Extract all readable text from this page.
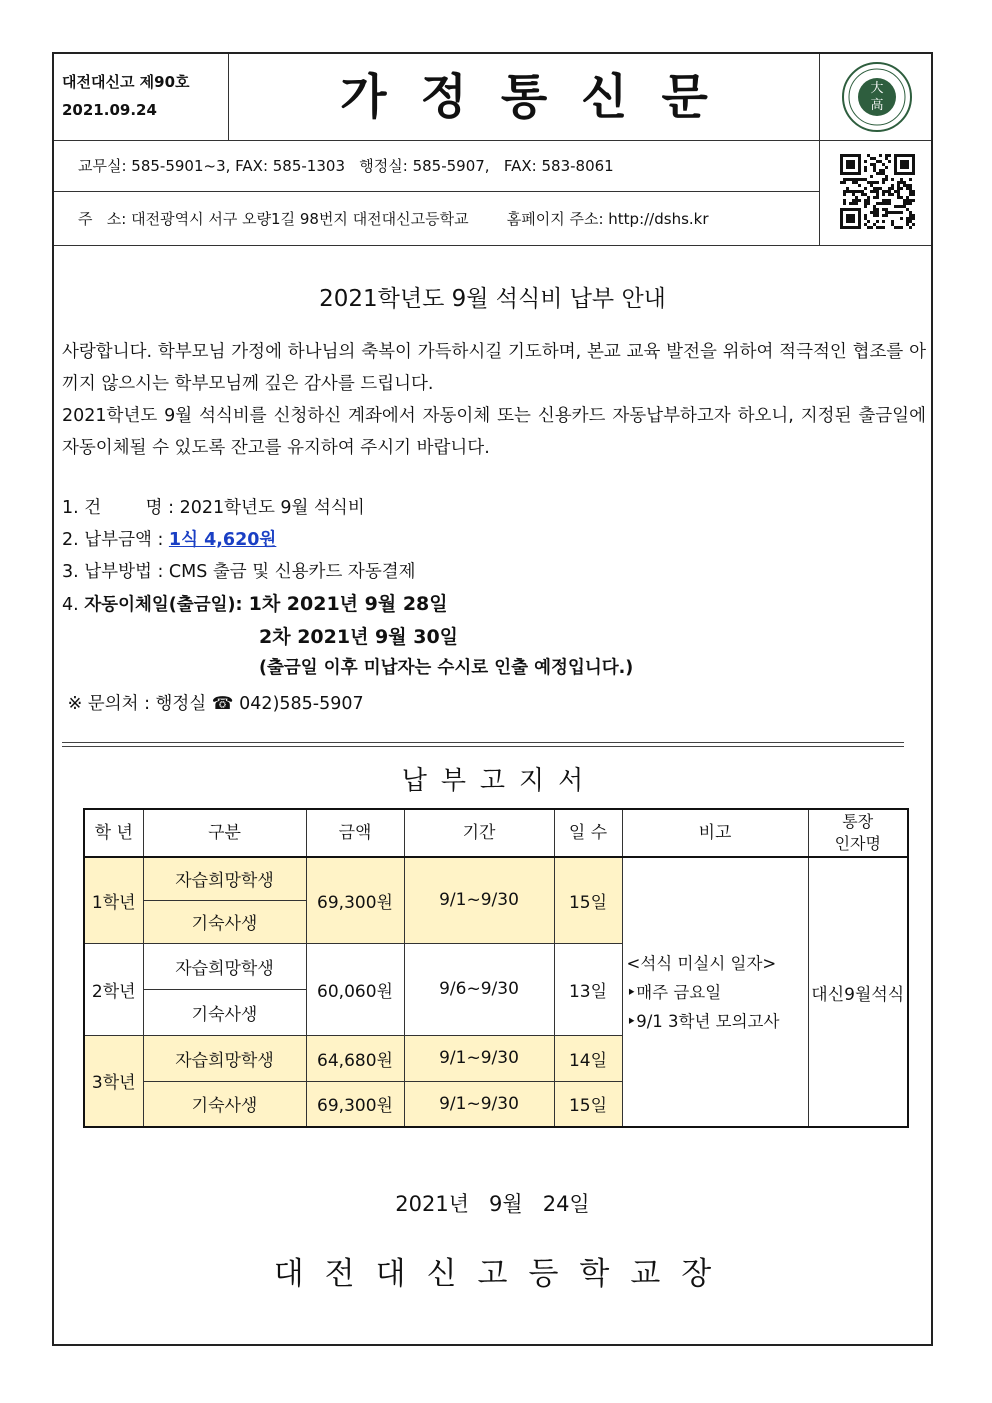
대전대신고 제90호
2021.09.24	가정통신문	大
高
교무실: 585-5901~3, FAX: 585-1303   행정실: 585-5907,   FAX: 583-8061
주   소: 대전광역시 서구 오량1길 98번지 대전대신고등학교        홈페이지 주소: http://dshs.kr
2021학년도 9월 석식비 납부 안내
사랑합니다. 학부모님 가정에 하나님의 축복이 가득하시길 기도하며, 본교 교육 발전을 위하여 적극적인 협조를 아끼지 않으시는 학부모님께 깊은 감사를 드립니다.
2021학년도 9월 석식비를 신청하신 계좌에서 자동이체 또는 신용카드 자동납부하고자 하오니, 지정된 출금일에 자동이체될 수 있도록 잔고를 유지하여 주시기 바랍니다.
1. 건        명 : 2021학년도 9월 석식비
2. 납부금액 : 1식 4,620원
3. 납부방법 : CMS 출금 및 신용카드 자동결제
4. 자동이체일(출금일): 1차 2021년 9월 28일
2차 2021년 9월 30일
(출금일 이후 미납자는 수시로 인출 예정입니다.)
※ 문의처 : 행정실 ☎ 042)585-5907
납부고지서
학 년	구분	금액	기간	일 수	비고	통장
인자명
1학년	자습희망학생	69,300원	9/1~9/30	15일	<석식 미실시 일자>
‣매주 금요일
‣9/1 3학년 모의고사	대신9월석식
	기숙사생					
2학년	자습희망학생	60,060원	9/6~9/30	13일		
	기숙사생					
3학년	자습희망학생	64,680원	9/1~9/30	14일		
	기숙사생	69,300원	9/1~9/30	15일		
2021년   9월   24일
대전대신고등학교장
